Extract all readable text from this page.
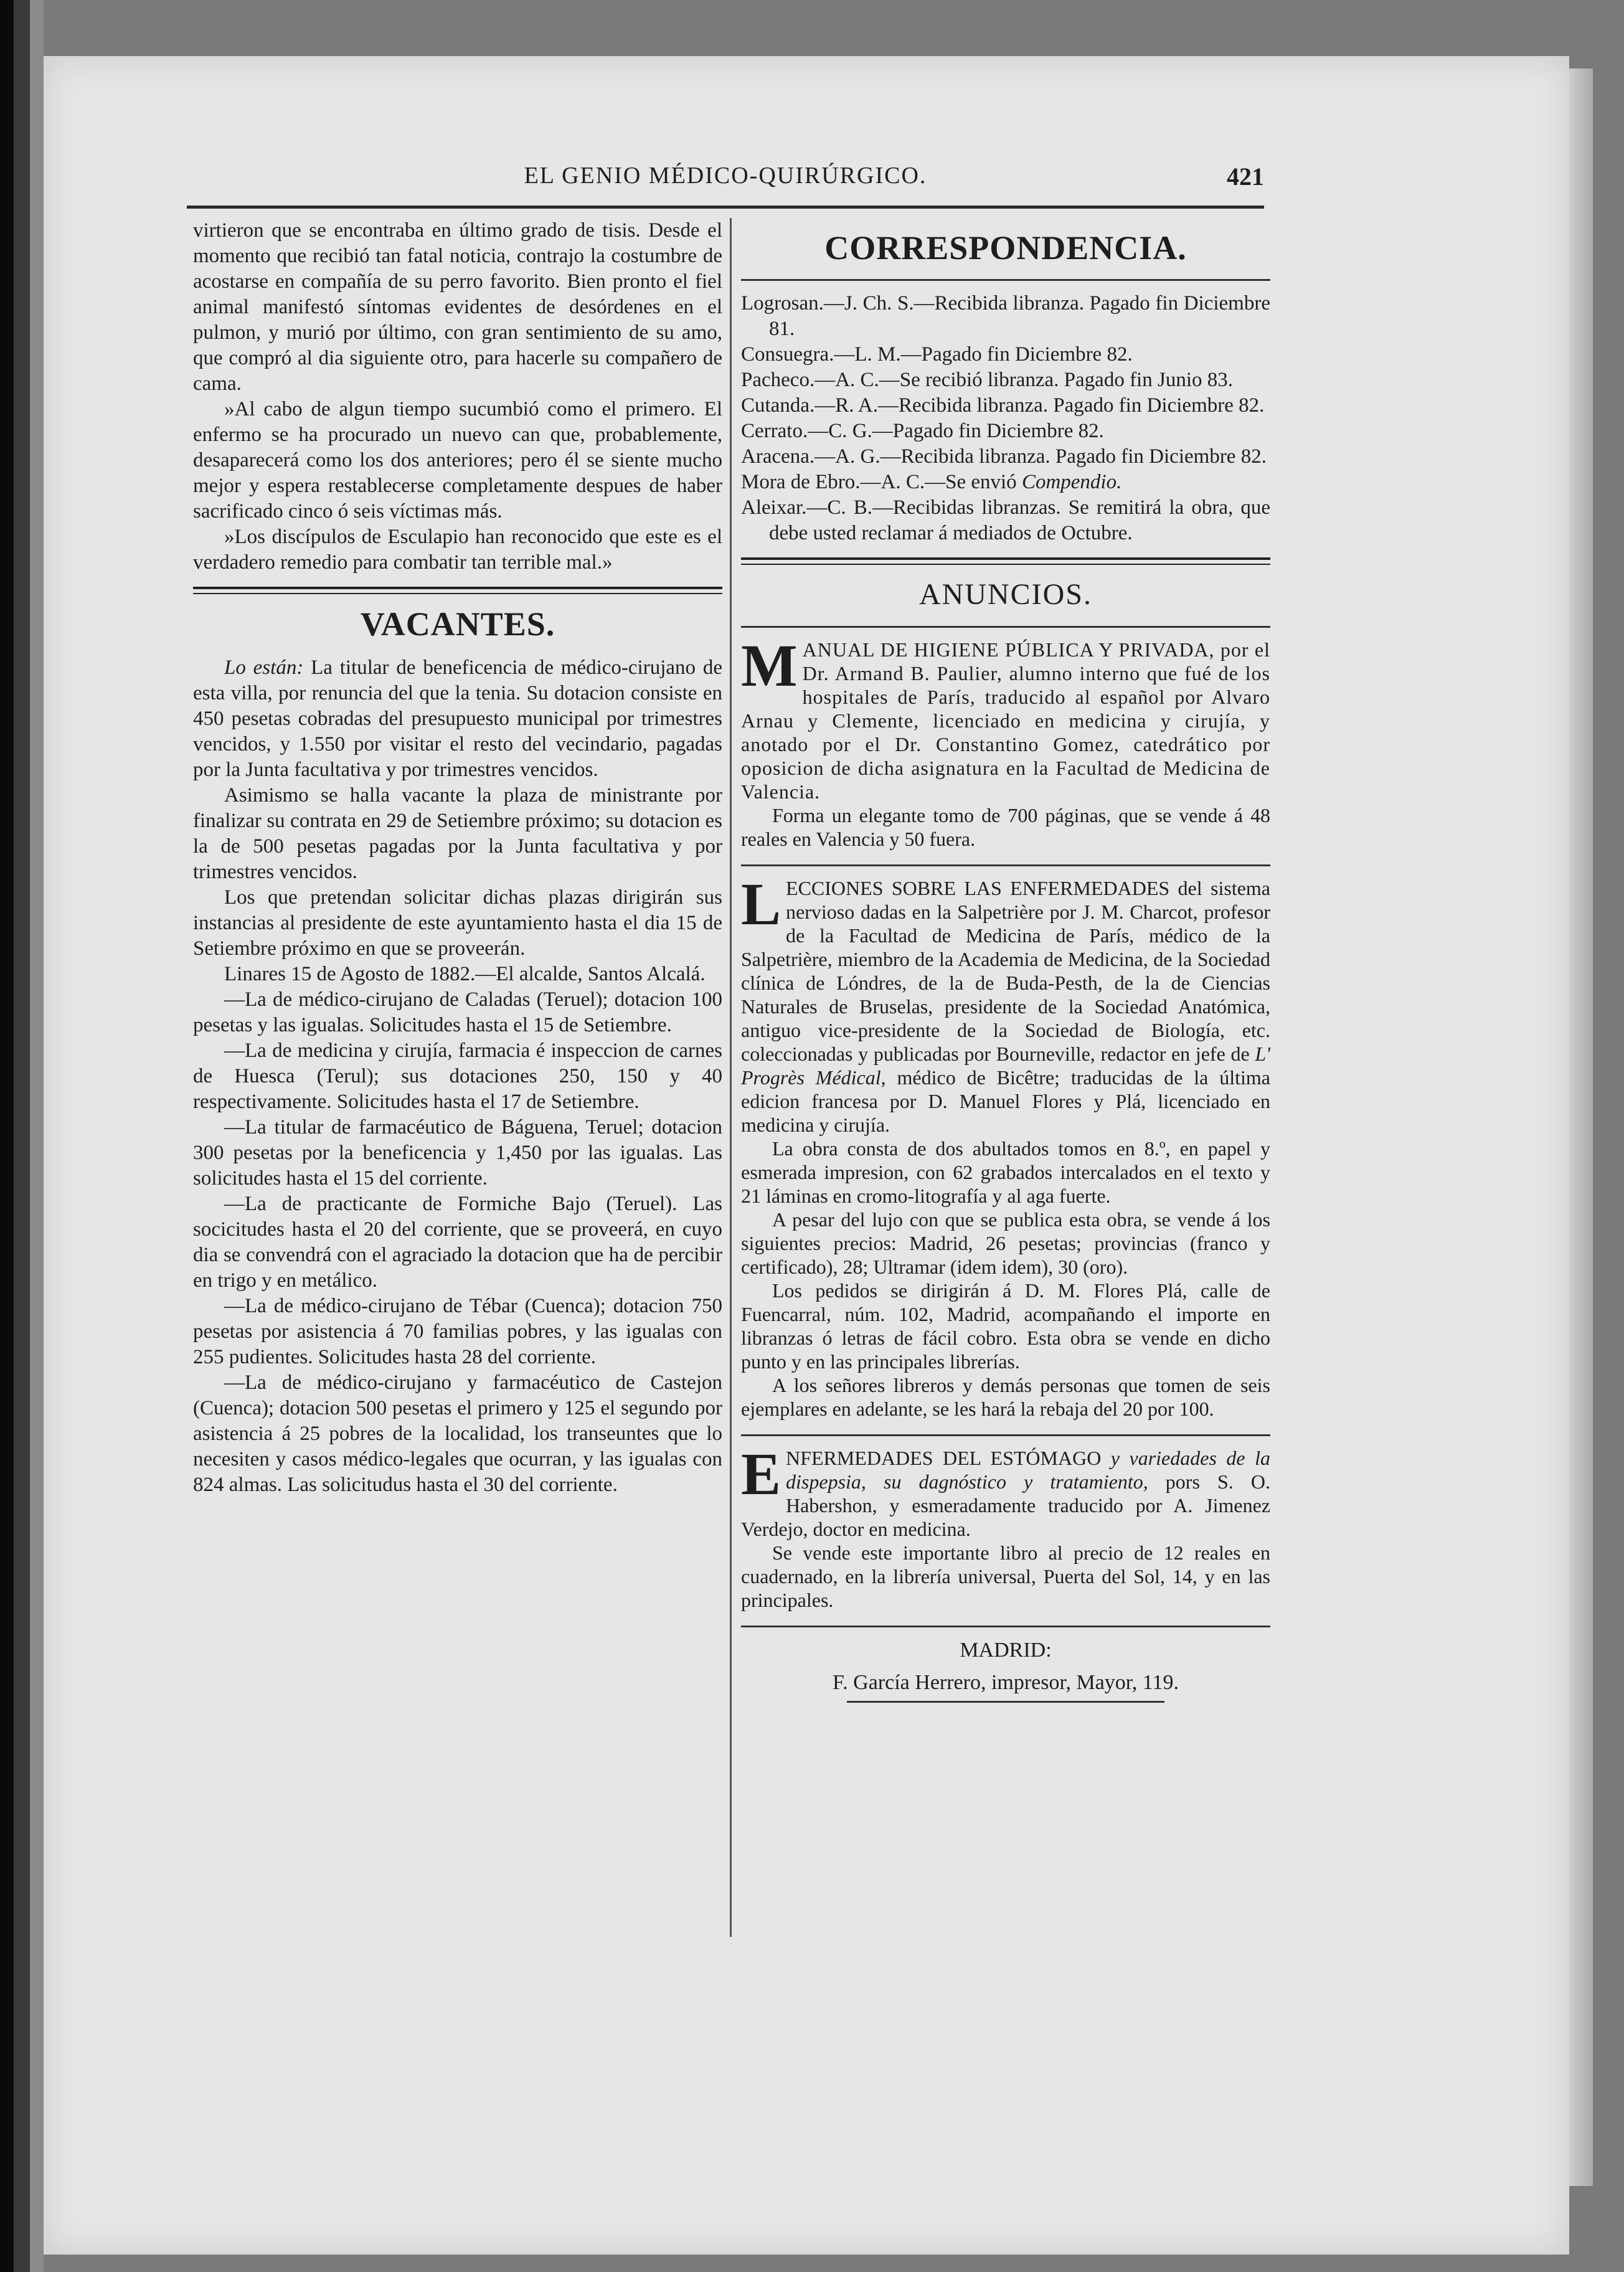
EL GENIO MÉDICO-QUIRÚRGICO.	421

virtieron que se encontraba en último grado de tisis. Desde el momento que recibió tan fatal noticia, contrajo la costumbre de acostarse en compañía de su perro favorito. Bien pronto el fiel animal manifestó síntomas evidentes de desórdenes en el pulmon, y murió por último, con gran sentimiento de su amo, que compró al dia siguiente otro, para hacerle su compañero de cama.

»Al cabo de algun tiempo sucumbió como el primero. El enfermo se ha procurado un nuevo can que, probablemente, desaparecerá como los dos anteriores; pero él se siente mucho mejor y espera restablecerse completamente despues de haber sacrificado cinco ó seis víctimas más.

»Los discípulos de Esculapio han reconocido que este es el verdadero remedio para combatir tan terrible mal.»

VACANTES.

Lo están: La titular de beneficencia de médico-cirujano de esta villa, por renuncia del que la tenia. Su dotacion consiste en 450 pesetas cobradas del presupuesto municipal por trimestres vencidos, y 1.550 por visitar el resto del vecindario, pagadas por la Junta facultativa y por trimestres vencidos.

Asimismo se halla vacante la plaza de ministrante por finalizar su contrata en 29 de Setiembre próximo; su dotacion es la de 500 pesetas pagadas por la Junta facultativa y por trimestres vencidos.

Los que pretendan solicitar dichas plazas dirigirán sus instancias al presidente de este ayuntamiento hasta el dia 15 de Setiembre próximo en que se proveerán.

Linares 15 de Agosto de 1882.—El alcalde, Santos Alcalá.

—La de médico-cirujano de Caladas (Teruel); dotacion 100 pesetas y las igualas. Solicitudes hasta el 15 de Setiembre.

—La de medicina y cirujía, farmacia é inspeccion de carnes de Huesca (Terul); sus dotaciones 250, 150 y 40 respectivamente. Solicitudes hasta el 17 de Setiembre.

—La titular de farmacéutico de Báguena, Teruel; dotacion 300 pesetas por la beneficencia y 1,450 por las igualas. Las solicitudes hasta el 15 del corriente.

—La de practicante de Formiche Bajo (Teruel). Las socicitudes hasta el 20 del corriente, que se proveerá, en cuyo dia se convendrá con el agraciado la dotacion que ha de percibir en trigo y en metálico.

—La de médico-cirujano de Tébar (Cuenca); dotacion 750 pesetas por asistencia á 70 familias pobres, y las igualas con 255 pudientes. Solicitudes hasta 28 del corriente.

—La de médico-cirujano y farmacéutico de Castejon (Cuenca); dotacion 500 pesetas el primero y 125 el segundo por asistencia á 25 pobres de la localidad, los transeuntes que lo necesiten y casos médico-legales que ocurran, y las igualas con 824 almas. Las solicitudus hasta el 30 del corriente.

CORRESPONDENCIA.
Logrosan.—J. Ch. S.—Recibida libranza. Pagado fin Diciembre 81.
Consuegra.—L. M.—Pagado fin Diciembre 82.
Pacheco.—A. C.—Se recibió libranza. Pagado fin Junio 83.
Cutanda.—R. A.—Recibida libranza. Pagado fin Diciembre 82.
Cerrato.—C. G.—Pagado fin Diciembre 82.
Aracena.—A. G.—Recibida libranza. Pagado fin Diciembre 82.
Mora de Ebro.—A. C.—Se envió Compendio.
Aleixar.—C. B.—Recibidas libranzas. Se remitirá la obra, que debe usted reclamar á mediados de Octubre.
ANUNCIOS.

MANUAL DE HIGIENE PÚBLICA Y PRIVADA, por el Dr. Armand B. Paulier, alumno interno que fué de los hospitales de París, traducido al español por Alvaro Arnau y Clemente, licenciado en medicina y cirujía, y anotado por el Dr. Constantino Gomez, catedrático por oposicion de dicha asignatura en la Facultad de Medicina de Valencia.

Forma un elegante tomo de 700 páginas, que se vende á 48 reales en Valencia y 50 fuera.

LECCIONES SOBRE LAS ENFERMEDADES del sistema nervioso dadas en la Salpetrière por J. M. Charcot, profesor de la Facultad de Medicina de París, médico de la Salpetrière, miembro de la Academia de Medicina, de la Sociedad clínica de Lóndres, de la de Buda-Pesth, de la de Ciencias Naturales de Bruselas, presidente de la Sociedad Anatómica, antiguo vice-presidente de la Sociedad de Biología, etc. coleccionadas y publicadas por Bourneville, redactor en jefe de L' Progrès Médical, médico de Bicêtre; traducidas de la última edicion francesa por D. Manuel Flores y Plá, licenciado en medicina y cirujía.

La obra consta de dos abultados tomos en 8.º, en papel y esmerada impresion, con 62 grabados intercalados en el texto y 21 láminas en cromo-litografía y al aga fuerte.

A pesar del lujo con que se publica esta obra, se vende á los siguientes precios: Madrid, 26 pesetas; provincias (franco y certificado), 28; Ultramar (idem idem), 30 (oro).

Los pedidos se dirigirán á D. M. Flores Plá, calle de Fuencarral, núm. 102, Madrid, acompañando el importe en libranzas ó letras de fácil cobro. Esta obra se vende en dicho punto y en las principales librerías.

A los señores libreros y demás personas que tomen de seis ejemplares en adelante, se les hará la rebaja del 20 por 100.

ENFERMEDADES DEL ESTÓMAGO y variedades de la dispepsia, su dagnóstico y tratamiento, pors S. O. Habershon, y esmeradamente traducido por A. Jimenez Verdejo, doctor en medicina.

Se vende este importante libro al precio de 12 reales en cuadernado, en la librería universal, Puerta del Sol, 14, y en las principales.

MADRID:
F. García Herrero, impresor, Mayor, 119.
